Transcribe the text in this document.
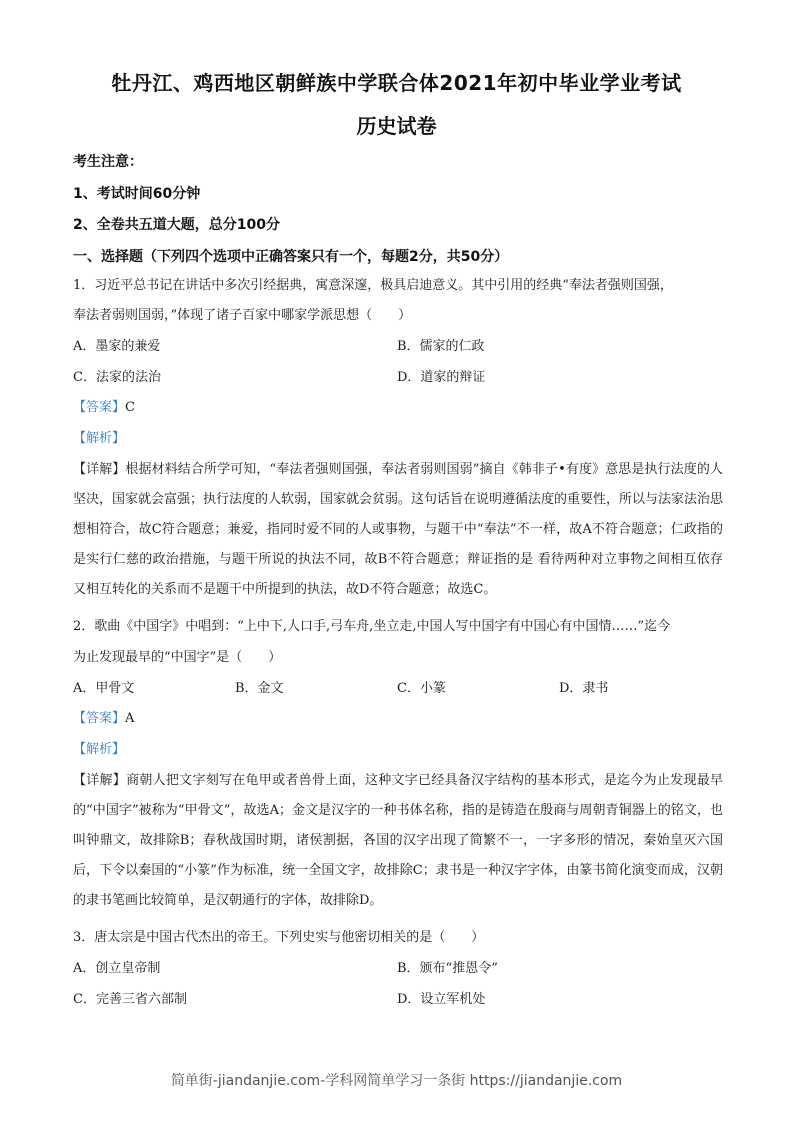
牡丹江、鸡西地区朝鲜族中学联合体2021年初中毕业学业考试
历史试卷
考生注意：
1、考试时间60分钟
2、全卷共五道大题，总分100分
一、选择题（下列四个选项中正确答案只有一个，每题2分，共50分）
1．习近平总书记在讲话中多次引经据典，寓意深邃，极具启迪意义。其中引用的经典“奉法者强则国强，
奉法者弱则国弱，”体现了诸子百家中哪家学派思想（　　）
A．墨家的兼爱	B．儒家的仁政
C．法家的法治	D．道家的辩证
【答案】C
【解析】
【详解】根据材料结合所学可知，“奉法者强则国强，奉法者弱则国弱”摘自《韩非子•有度》意思是执行法度的人坚决，国家就会富强；执行法度的人软弱，国家就会贫弱。这句话旨在说明遵循法度的重要性，所以与法家法治思想相符合，故C符合题意；兼爱，指同时爱不同的人或事物，与题干中“奉法”不一样，故A不符合题意；仁政指的是实行仁慈的政治措施，与题干所说的执法不同，故B不符合题意；辩证指的是 看待两种对立事物之间相互依存又相互转化的关系而不是题干中所提到的执法，故D不符合题意；故选C。
2．歌曲《中国字》中唱到：“上中下,人口手,弓车舟,坐立走,中国人写中国字有中国心有中国情……”迄今
为止发现最早的“中国字”是（　　）
A．甲骨文	B．金文	C．小篆	D．隶书
【答案】A
【解析】
【详解】商朝人把文字刻写在龟甲或者兽骨上面，这种文字已经具备汉字结构的基本形式，是迄今为止发现最早的“中国字”被称为“甲骨文”，故选A；金文是汉字的一种书体名称，指的是铸造在殷商与周朝青铜器上的铭文，也叫钟鼎文，故排除B；春秋战国时期，诸侯割据，各国的汉字出现了简繁不一，一字多形的情况，秦始皇灭六国后，下令以秦国的“小篆”作为标准，统一全国文字，故排除C；隶书是一种汉字字体，由篆书简化演变而成，汉朝的隶书笔画比较简单，是汉朝通行的字体，故排除D。
3．唐太宗是中国古代杰出的帝王。下列史实与他密切相关的是（　　）
A．创立皇帝制	B．颁布“推恩令”
C．完善三省六部制	D．设立军机处
简单街-jiandanjie.com-学科网简单学习一条街 https://jiandanjie.com
